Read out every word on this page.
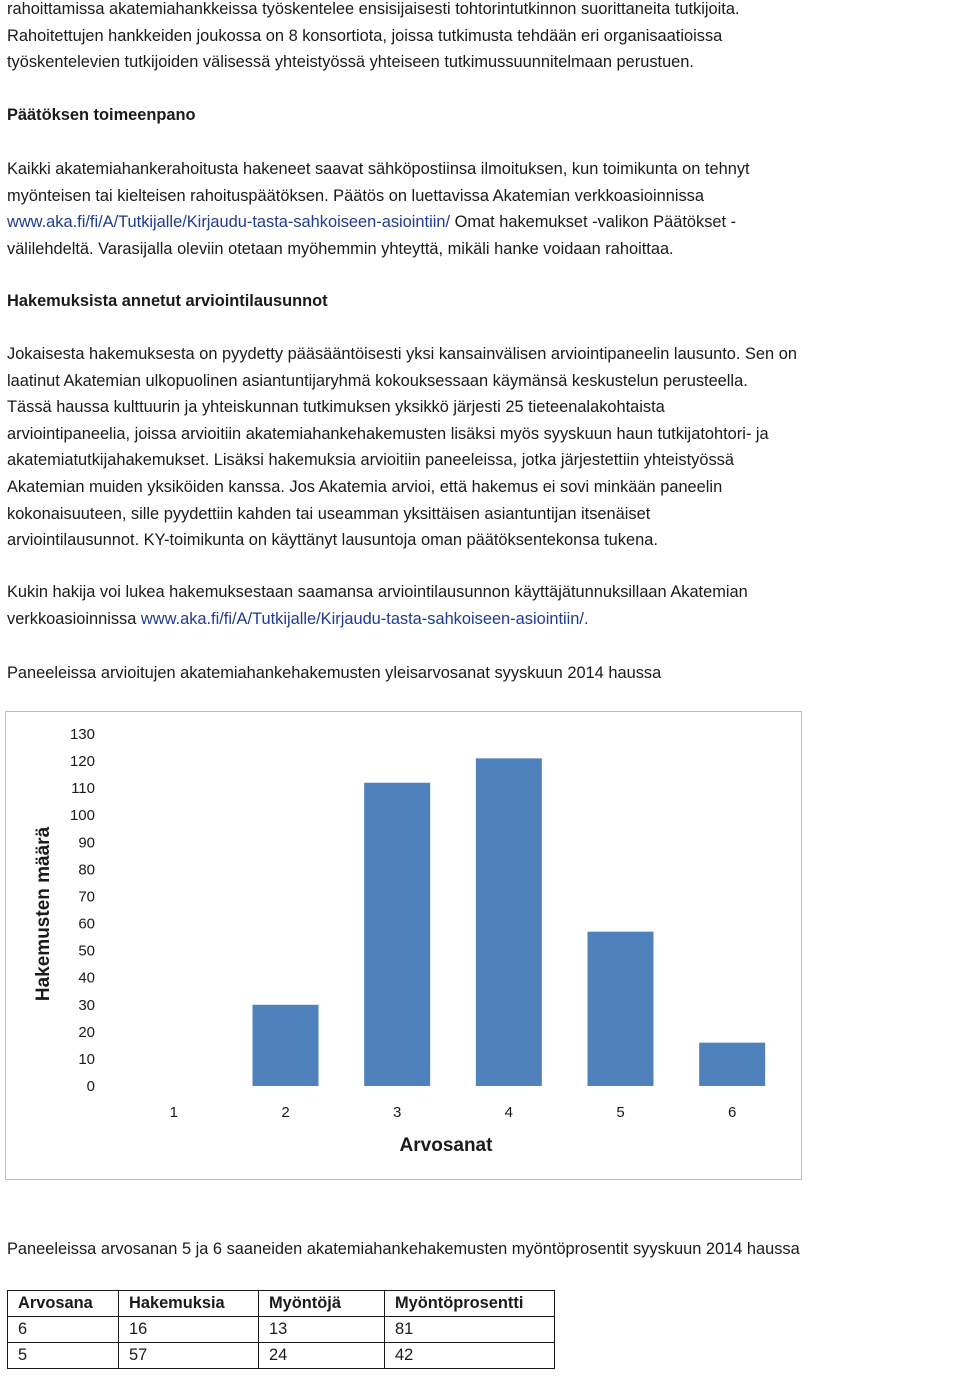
rahoittamissa akatemiahankkeissa työskentelee ensisijaisesti tohtorintutkinnon suorittaneita tutkijoita.

Rahoitettujen hankkeiden joukossa on 8 konsortiota, joissa tutkimusta tehdään eri organisaatioissa

työskentelevien tutkijoiden välisessä yhteistyössä yhteiseen tutkimussuunnitelmaan perustuen.

Päätöksen toimeenpano

Kaikki akatemiahankerahoitusta hakeneet saavat sähköpostiinsa ilmoituksen, kun toimikunta on tehnyt

myönteisen tai kielteisen rahoituspäätöksen. Päätös on luettavissa Akatemian verkkoasioinnissa

www.aka.fi/fi/A/Tutkijalle/Kirjaudu-tasta-sahkoiseen-asiointiin/ Omat hakemukset -valikon Päätökset -

välilehdeltä. Varasijalla oleviin otetaan myöhemmin yhteyttä, mikäli hanke voidaan rahoittaa.

Hakemuksista annetut arviointilausunnot

Jokaisesta hakemuksesta on pyydetty pääsääntöisesti yksi kansainvälisen arviointipaneelin lausunto. Sen on

laatinut Akatemian ulkopuolinen asiantuntijaryhmä kokouksessaan käymänsä keskustelun perusteella.

Tässä haussa kulttuurin ja yhteiskunnan tutkimuksen yksikkö järjesti 25 tieteenalakohtaista

arviointipaneelia, joissa arvioitiin akatemiahankehakemusten lisäksi myös syyskuun haun tutkijatohtori- ja

akatemiatutkijahakemukset. Lisäksi hakemuksia arvioitiin paneeleissa, jotka järjestettiin yhteistyössä

Akatemian muiden yksiköiden kanssa. Jos Akatemia arvioi, että hakemus ei sovi minkään paneelin

kokonaisuuteen, sille pyydettiin kahden tai useamman yksittäisen asiantuntijan itsenäiset

arviointilausunnot. KY-toimikunta on käyttänyt lausuntoja oman päätöksentekonsa tukena.

Kukin hakija voi lukea hakemuksestaan saamansa arviointilausunnon käyttäjätunnuksillaan Akatemian

verkkoasioinnissa www.aka.fi/fi/A/Tutkijalle/Kirjaudu-tasta-sahkoiseen-asiointiin/.

Paneeleissa arvioitujen akatemiahankehakemusten yleisarvosanat syyskuun 2014 haussa

Paneeleissa arvosanan 5 ja 6 saaneiden akatemiahankehakemusten myöntöprosentit syyskuun 2014 haussa

0
10
20
30
40
50
60
70
80
90
100
110
120
130
1	2	3	4	5	6
Arvosanat
Hakemusten määrä
Arvosana	Hakemuksia	Myöntöjä	Myöntöprosentti
6	16	13	81
5	57	24	42
